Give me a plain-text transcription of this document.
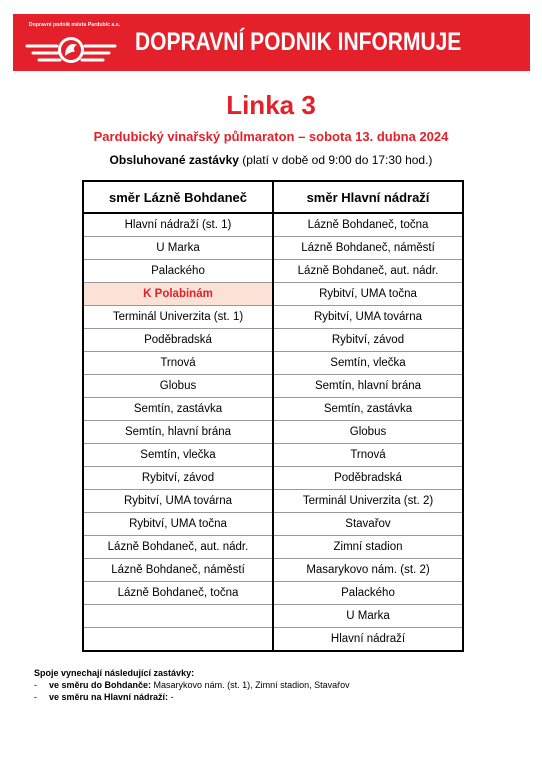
Dopravní podnik města Pardubic a.s.
DOPRAVNÍ PODNIK INFORMUJE
Linka 3
Pardubický vinařský půlmaraton – sobota 13. dubna 2024
Obsluhované zastávky (platí v době od 9:00 do 17:30 hod.)
směr Lázně Bohdaneč	směr Hlavní nádraží
Hlavní nádraží (st. 1)	Lázně Bohdaneč, točna
U Marka	Lázně Bohdaneč, náměstí
Palackého	Lázně Bohdaneč, aut. nádr.
K Polabinám	Rybitví, UMA točna
Terminál Univerzita (st. 1)	Rybitví, UMA továrna
Poděbradská	Rybitví, závod
Trnová	Semtín, vlečka
Globus	Semtín, hlavní brána
Semtín, zastávka	Semtín, zastávka
Semtín, hlavní brána	Globus
Semtín, vlečka	Trnová
Rybitví, závod	Poděbradská
Rybitví, UMA továrna	Terminál Univerzita (st. 2)
Rybitví, UMA točna	Stavařov
Lázně Bohdaneč, aut. nádr.	Zimní stadion
Lázně Bohdaneč, náměstí	Masarykovo nám. (st. 2)
Lázně Bohdaneč, točna	Palackého
	U Marka
	Hlavní nádraží
Spoje vynechají následující zastávky:
- ve směru do Bohdanče: Masarykovo nám. (st. 1), Zimní stadion, Stavařov
- ve směru na Hlavní nádraží: -
